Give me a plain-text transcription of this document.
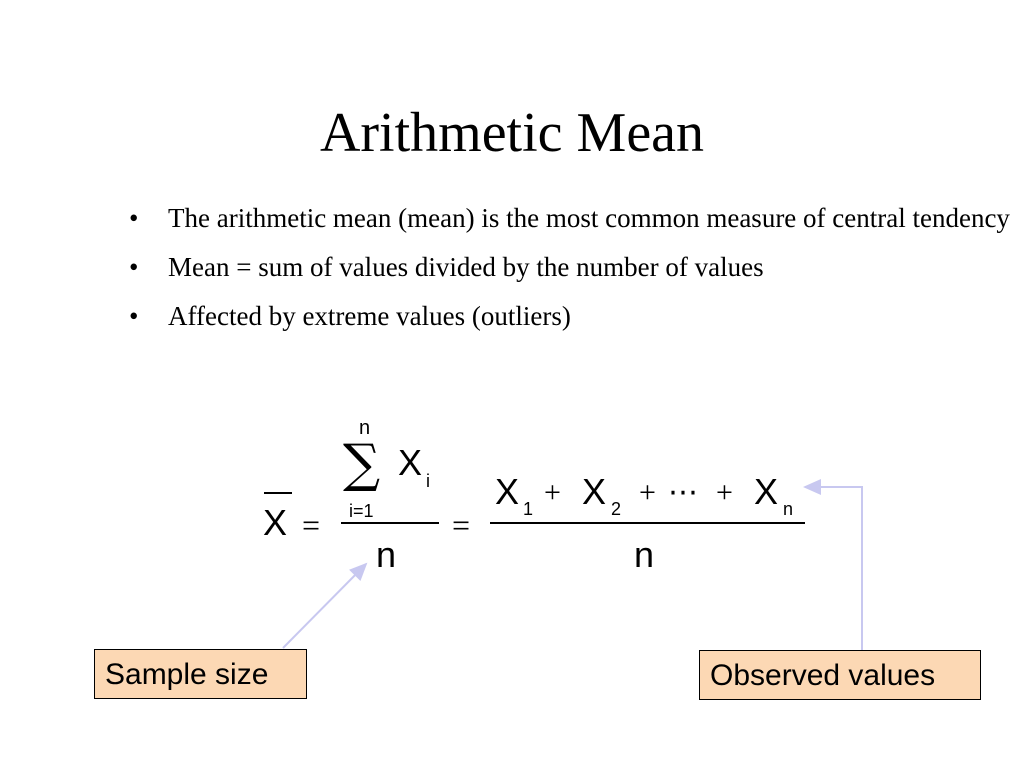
Arithmetic Mean
• The arithmetic mean (mean) is the most common measure of central tendency
• Mean = sum of values divided by the number of values
• Affected by extreme values (outliers)
X =
n
∑ X i
i=1
n
=
X 1 + X 2 + ⋯ + X n
n
Sample size	Observed values
